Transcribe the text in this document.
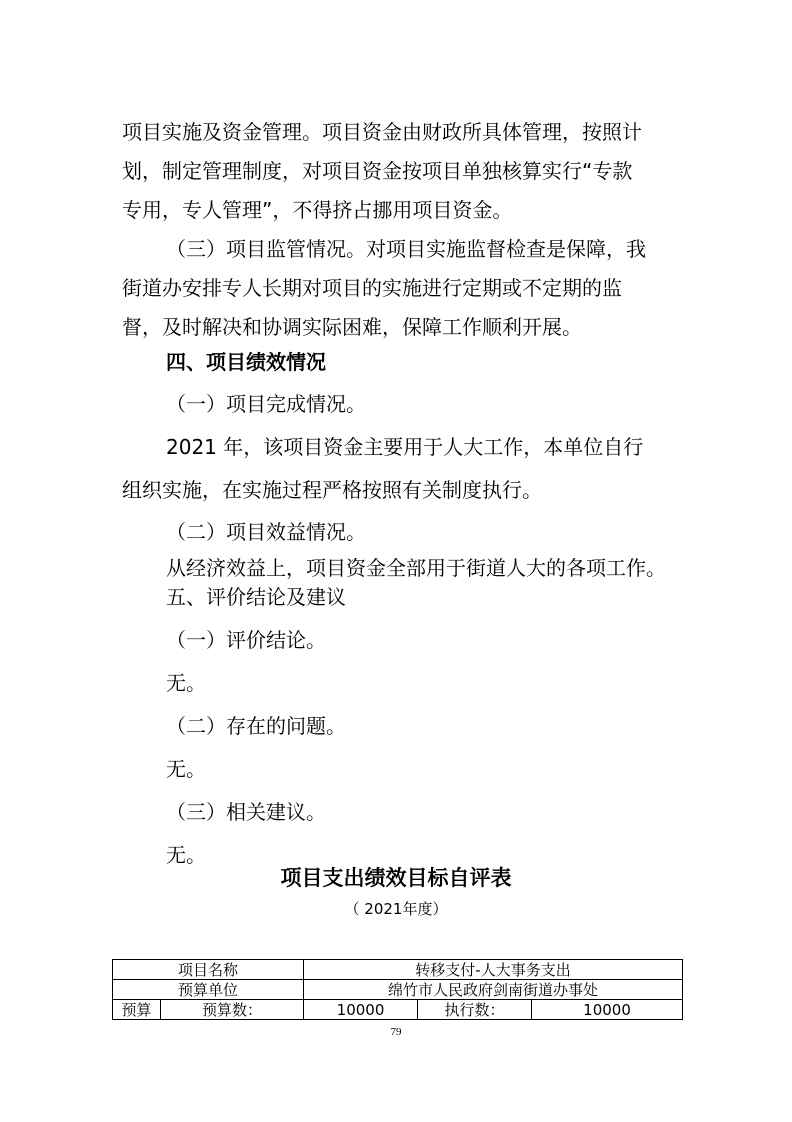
项目实施及资金管理。项目资金由财政所具体管理，按照计
划，制定管理制度，对项目资金按项目单独核算实行“专款
专用，专人管理”，不得挤占挪用项目资金。
（三）项目监管情况。对项目实施监督检查是保障，我
街道办安排专人长期对项目的实施进行定期或不定期的监
督，及时解决和协调实际困难，保障工作顺利开展。
四、项目绩效情况
（一）项目完成情况。
2021 年，该项目资金主要用于人大工作，本单位自行
组织实施，在实施过程严格按照有关制度执行。
（二）项目效益情况。
从经济效益上，项目资金全部用于街道人大的各项工作。
五、评价结论及建议
（一）评价结论。
无。
（二）存在的问题。
无。
项目支出绩效目标自评表
（ 2021年度）
项目名称		转移支付-人大事务支出		
预算单位		绵竹市人民政府剑南街道办事处		
预算	预算数：	10000	执行数：	10000
79
无。
（三）相关建议。
